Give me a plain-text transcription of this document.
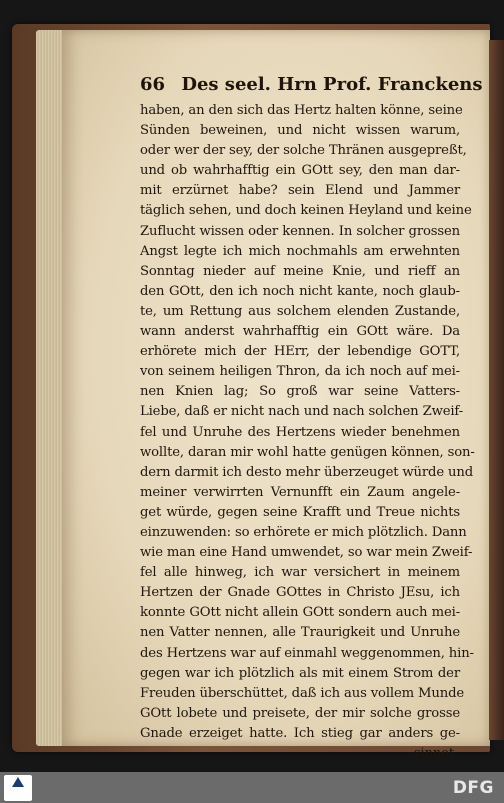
66 Des seel. Hrn Prof. Franckens
haben, an den sich das Hertz halten könne, seine
Sünden beweinen, und nicht wissen warum,
oder wer der sey, der solche Thränen ausgepreßt,
und ob wahrhafftig ein GOtt sey, den man dar-
mit erzürnet habe? sein Elend und Jammer
täglich sehen, und doch keinen Heyland und keine
Zuflucht wissen oder kennen. In solcher grossen
Angst legte ich mich nochmahls am erwehnten
Sonntag nieder auf meine Knie, und rieff an
den GOtt, den ich noch nicht kante, noch glaub-
te, um Rettung aus solchem elenden Zustande,
wann anderst wahrhafftig ein GOtt wäre. Da
erhörete mich der HErr, der lebendige GOTT,
von seinem heiligen Thron, da ich noch auf mei-
nen Knien lag; So groß war seine Vatters-
Liebe, daß er nicht nach und nach solchen Zweif-
fel und Unruhe des Hertzens wieder benehmen
wollte, daran mir wohl hatte genügen können, son-
dern darmit ich desto mehr überzeuget würde und
meiner verwirrten Vernunfft ein Zaum angele-
get würde, gegen seine Krafft und Treue nichts
einzuwenden: so erhörete er mich plötzlich. Dann
wie man eine Hand umwendet, so war mein Zweif-
fel alle hinweg, ich war versichert in meinem
Hertzen der Gnade GOttes in Christo JEsu, ich
konnte GOtt nicht allein GOtt sondern auch mei-
nen Vatter nennen, alle Traurigkeit und Unruhe
des Hertzens war auf einmahl weggenommen, hin-
gegen war ich plötzlich als mit einem Strom der
Freuden überschüttet, daß ich aus vollem Munde
GOtt lobete und preisete, der mir solche grosse
Gnade erzeiget hatte. Ich stieg gar anders ge-
sinnet
DFG
